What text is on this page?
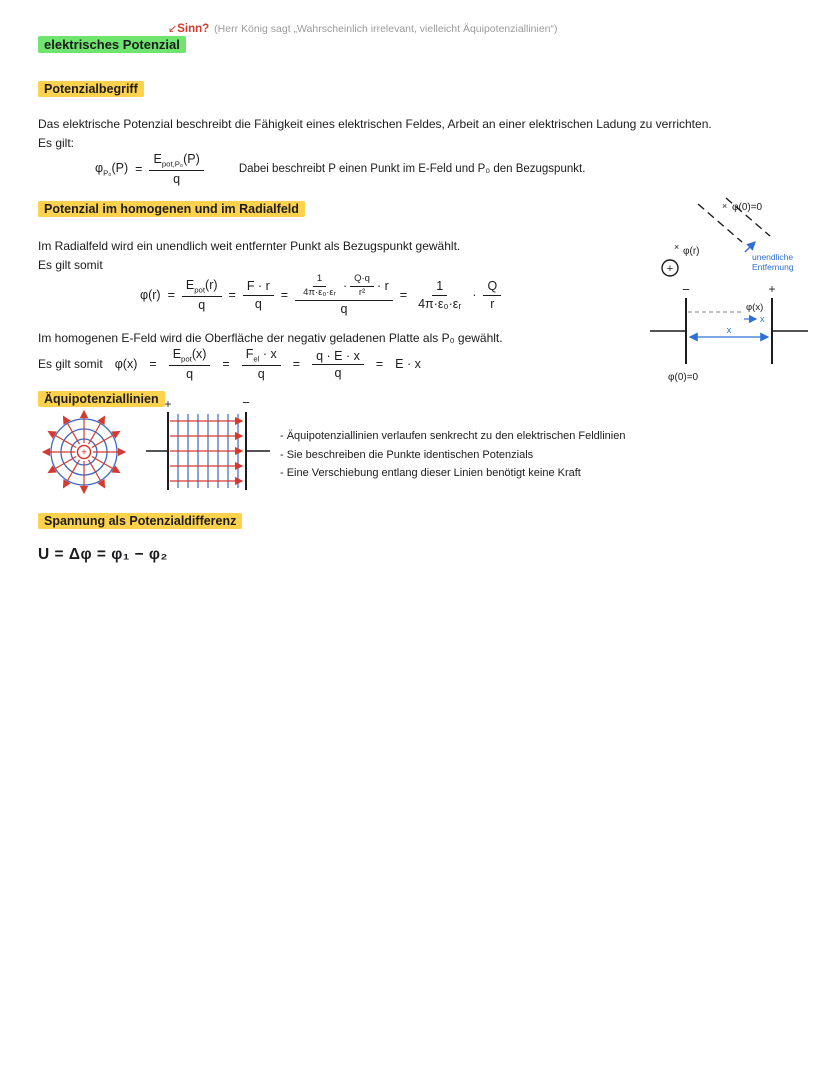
↙Sinn? (Herr König sagt „Wahrscheinlich irrelevant, vielleicht Äquipotenziallinien“)
elektrisches Potenzial
Potenzialbegriff
Das elektrische Potenzial beschreibt die Fähigkeit eines elektrischen Feldes, Arbeit an einer elektrischen Ladung zu verrichten.
Es gilt:
$\varphi_{P_0}(P) = \frac{E_{pot,P_0}(P)}{q}$	Dabei beschreibt P einen Punkt im E-Feld und P₀ den Bezugspunkt.
Potenzial im homogenen und im Radialfeld
Im Radialfeld wird ein unendlich weit entfernter Punkt als Bezugspunkt gewählt.
Es gilt somit
$\varphi(r) = \frac{E_{pot}(r)}{q} = \frac{F \cdot r}{q} = \frac{\frac{1}{\text{4π·ε₀·εᵣ}} \cdot \frac{Q\cdot q}{\text{r²}} \cdot r}{q} = \frac{1}{\text{4π·ε₀·εᵣ}} \cdot \frac{Q}{r}$
Im homogenen E-Feld wird die Oberfläche der negativ geladenen Platte als P₀ gewählt.
Es gilt somit $\varphi(x) = \frac{E_{pot}(x)}{q} = \frac{F_{el} \cdot x}{q} = \frac{q \cdot E \cdot x}{q} = E \cdot x$
× φ(0)=0
× φ(r)	unendliche
Entfernung
+
−	+
φ(x)
x
x
φ(0)=0
Äquipotenziallinien
+
+	−
- Äquipotenziallinien verlaufen senkrecht zu den elektrischen Feldlinien
- Sie beschreiben die Punkte identischen Potenzials
- Eine Verschiebung entlang dieser Linien benötigt keine Kraft
Spannung als Potenzialdifferenz
U = Δφ = φ₁ − φ₂
